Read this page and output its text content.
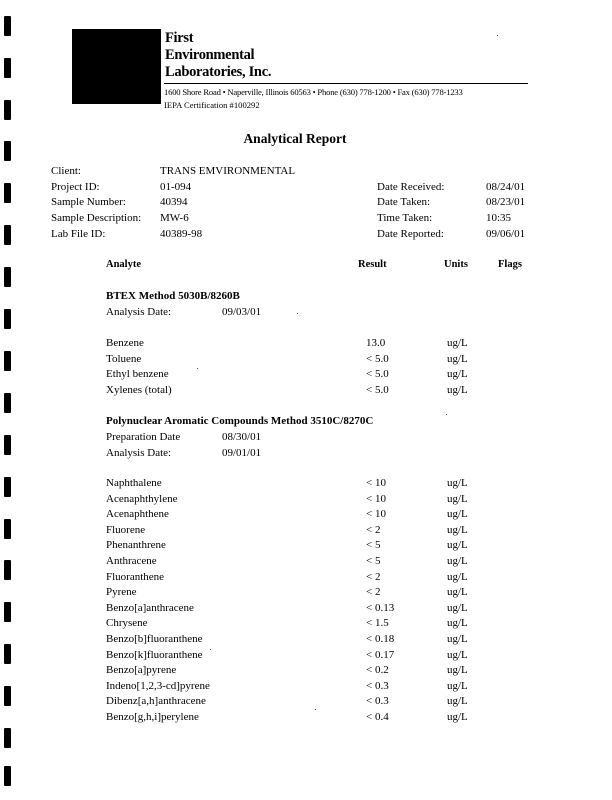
First
Environmental
Laboratories, Inc.
1600 Shore Road • Naperville, Illinois 60563 • Phone (630) 778-1200 • Fax (630) 778-1233
IEPA Certification #100292
Analytical Report
Client:	TRANS EMVIRONMENTAL
Project ID:	01-094
Sample Number:	40394
Sample Description: MW-6
Lab File ID:	40389-98
Date Received:	08/24/01
Date Taken:	08/23/01
Time Taken:	10:35
Date Reported:	09/06/01
Analyte	Result	Units	Flags
BTEX Method 5030B/8260B
Analysis Date:	09/03/01
Benzene	13.0	ug/L
Toluene	< 5.0	ug/L
Ethyl benzene	< 5.0	ug/L
Xylenes (total)	< 5.0	ug/L
Polynuclear Aromatic Compounds Method 3510C/8270C
Preparation Date	08/30/01
Analysis Date:	09/01/01
Naphthalene	< 10	ug/L
Acenaphthylene	< 10	ug/L
Acenaphthene	< 10	ug/L
Fluorene	< 2	ug/L
Phenanthrene	< 5	ug/L
Anthracene	< 5	ug/L
Fluoranthene	< 2	ug/L
Pyrene	< 2	ug/L
Benzo[a]anthracene	< 0.13	ug/L
Chrysene	< 1.5	ug/L
Benzo[b]fluoranthene	< 0.18	ug/L
Benzo[k]fluoranthene	< 0.17	ug/L
Benzo[a]pyrene	< 0.2	ug/L
Indeno[1,2,3-cd]pyrene	< 0.3	ug/L
Dibenz[a,h]anthracene	< 0.3	ug/L
Benzo[g,h,i]perylene	< 0.4	ug/L
